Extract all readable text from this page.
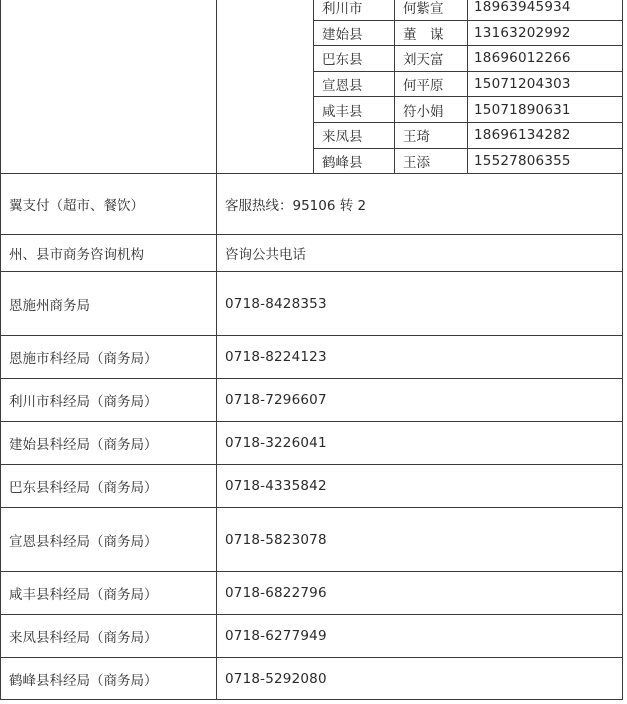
	利川市	何紫宣	18963945934
建始县	董　谋	13163202992
巴东县	刘天富	18696012266
宣恩县	何平原	15071204303
咸丰县	符小娟	15071890631
来凤县	王琦	18696134282
鹤峰县	王添	15527806355

翼支付（超市、餐饮）	客服热线：95106 转 2
州、县市商务咨询机构	咨询公共电话
恩施州商务局	0718-8428353
恩施市科经局（商务局）	0718-8224123
利川市科经局（商务局）	0718-7296607
建始县科经局（商务局）	0718-3226041
巴东县科经局（商务局）	0718-4335842
宣恩县科经局（商务局）	0718-5823078
咸丰县科经局（商务局）	0718-6822796
来凤县科经局（商务局）	0718-6277949
鹤峰县科经局（商务局）	0718-5292080
